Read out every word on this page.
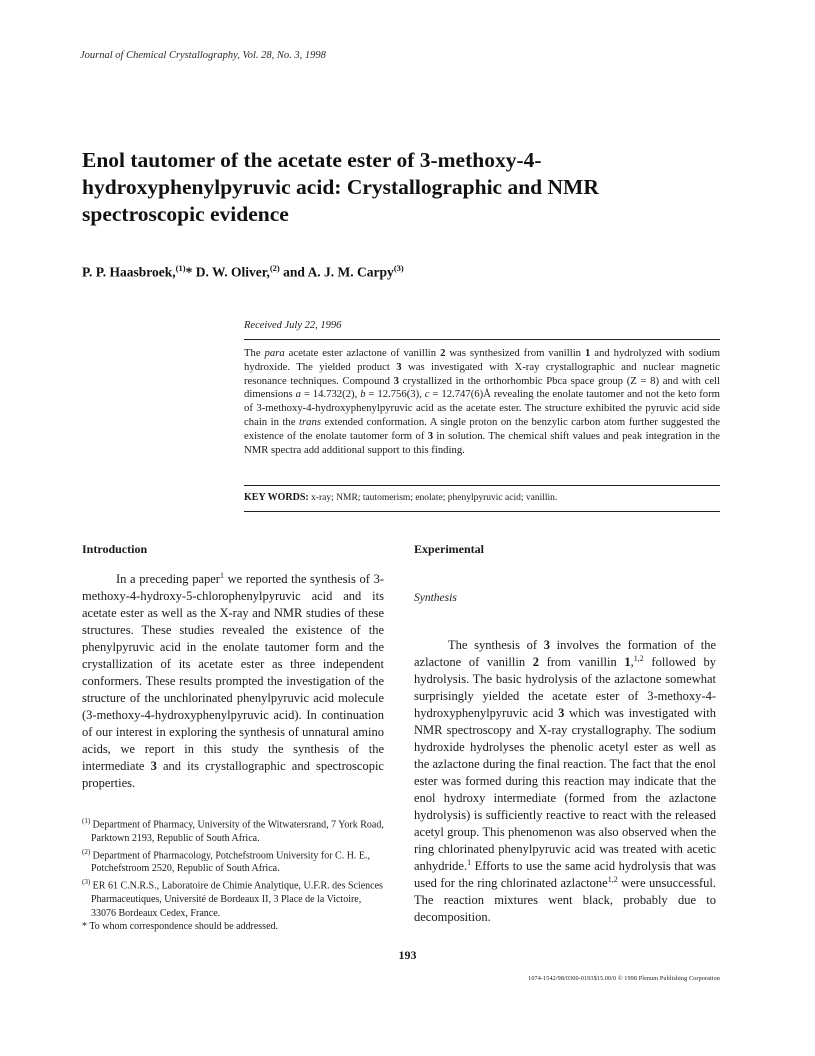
Journal of Chemical Crystallography, Vol. 28, No. 3, 1998
Enol tautomer of the acetate ester of 3-methoxy-4-hydroxyphenylpyruvic acid: Crystallographic and NMR spectroscopic evidence
P. P. Haasbroek,$^{(1)}$* D. W. Oliver,$^{(2)}$ and A. J. M. Carpy$^{(3)}$
Received July 22, 1996
The para acetate ester azlactone of vanillin 2 was synthesized from vanillin 1 and hydrolyzed with sodium hydroxide. The yielded product 3 was investigated with X-ray crystallographic and nuclear magnetic resonance techniques. Compound 3 crystallized in the orthorhombic Pbca space group (Z = 8) and with cell dimensions a = 14.732(2), b = 12.756(3), c = 12.747(6)Å revealing the enolate tautomer and not the keto form of 3-methoxy-4-hydroxyphenylpyruvic acid as the acetate ester. The structure exhibited the pyruvic acid side chain in the trans extended conformation. A single proton on the benzylic carbon atom further suggested the existence of the enolate tautomer form of 3 in solution. The chemical shift values and peak integration in the NMR spectra add additional support to this finding.
KEY WORDS: x-ray; NMR; tautomerism; enolate; phenylpyruvic acid; vanillin.
Introduction

In a preceding paper$^1$ we reported the synthesis of 3-methoxy-4-hydroxy-5-chlorophenylpyruvic acid and its acetate ester as well as the X-ray and NMR studies of these structures. These studies revealed the existence of the phenylpyruvic acid in the enolate tautomer form and the crystallization of its acetate ester as three independent conformers. These results prompted the investigation of the structure of the unchlorinated phenylpyruvic acid molecule (3-methoxy-4-hydroxyphenylpyruvic acid). In continuation of our interest in exploring the synthesis of unnatural amino acids, we report in this study the synthesis of the intermediate 3 and its crystallographic and spectroscopic properties.

$^{(1)}$ Department of Pharmacy, University of the Witwatersrand, 7 York Road, Parktown 2193, Republic of South Africa.

$^{(2)}$ Department of Pharmacology, Potchefstroom University for C. H. E., Potchefstroom 2520, Republic of South Africa.

$^{(3)}$ ER 61 C.N.R.S., Laboratoire de Chimie Analytique, U.F.R. des Sciences Pharmaceutiques, Université de Bordeaux II, 3 Place de la Victoire, 33076 Bordeaux Cedex, France.

* To whom correspondence should be addressed.

Experimental
Synthesis

The synthesis of 3 involves the formation of the azlactone of vanillin 2 from vanillin 1,$^{1,2}$ followed by hydrolysis. The basic hydrolysis of the azlactone somewhat surprisingly yielded the acetate ester of 3-methoxy-4-hydroxyphenylpyruvic acid 3 which was investigated with NMR spectroscopy and X-ray crystallography. The sodium hydroxide hydrolyses the phenolic acetyl ester as well as the azlactone during the final reaction. The fact that the enol ester was formed during this reaction may indicate that the enol hydroxy intermediate (formed from the azlactone hydrolysis) is sufficiently reactive to react with the released acetyl group. This phenomenon was also observed when the ring chlorinated phenylpyruvic acid was treated with acetic anhydride.$^1$ Efforts to use the same acid hydrolysis that was used for the ring chlorinated azlactone$^{1,2}$ were unsuccessful. The reaction mixtures went black, probably due to decomposition.

193
1074-1542/98/0300-0193$15.00/0 © 1998 Plenum Publishing Corporation
